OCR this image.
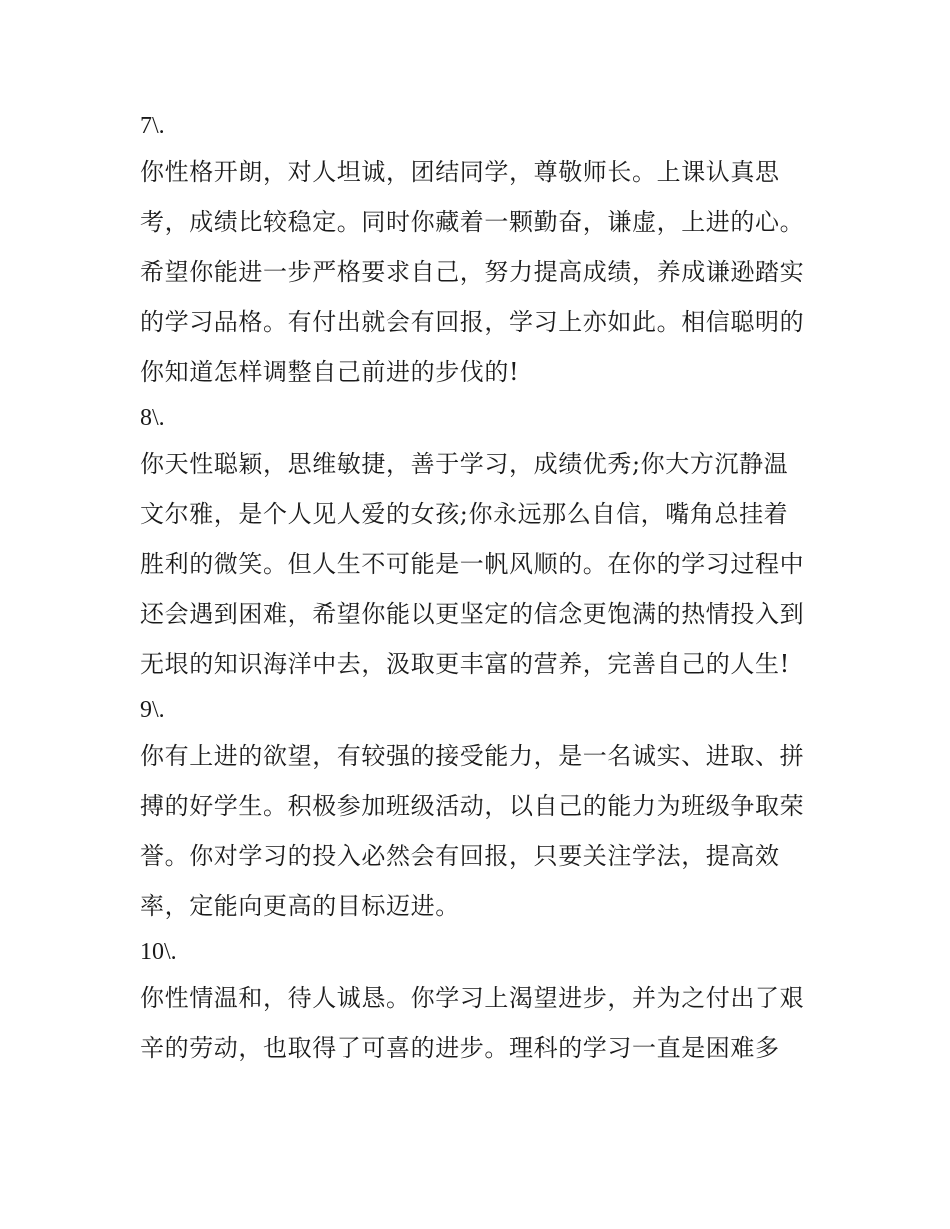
7\.
你性格开朗，对人坦诚，团结同学，尊敬师长。上课认真思
考，成绩比较稳定。同时你藏着一颗勤奋，谦虚，上进的心。
希望你能进一步严格要求自己，努力提高成绩，养成谦逊踏实
的学习品格。有付出就会有回报，学习上亦如此。相信聪明的
你知道怎样调整自己前进的步伐的!
8\.
你天性聪颖，思维敏捷，善于学习，成绩优秀;你大方沉静温
文尔雅，是个人见人爱的女孩;你永远那么自信，嘴角总挂着
胜利的微笑。但人生不可能是一帆风顺的。在你的学习过程中
还会遇到困难，希望你能以更坚定的信念更饱满的热情投入到
无垠的知识海洋中去，汲取更丰富的营养，完善自己的人生!
9\.
你有上进的欲望，有较强的接受能力，是一名诚实、进取、拼
搏的好学生。积极参加班级活动，以自己的能力为班级争取荣
誉。你对学习的投入必然会有回报，只要关注学法，提高效
率，定能向更高的目标迈进。
10\.
你性情温和，待人诚恳。你学习上渴望进步，并为之付出了艰
辛的劳动，也取得了可喜的进步。理科的学习一直是困难多
